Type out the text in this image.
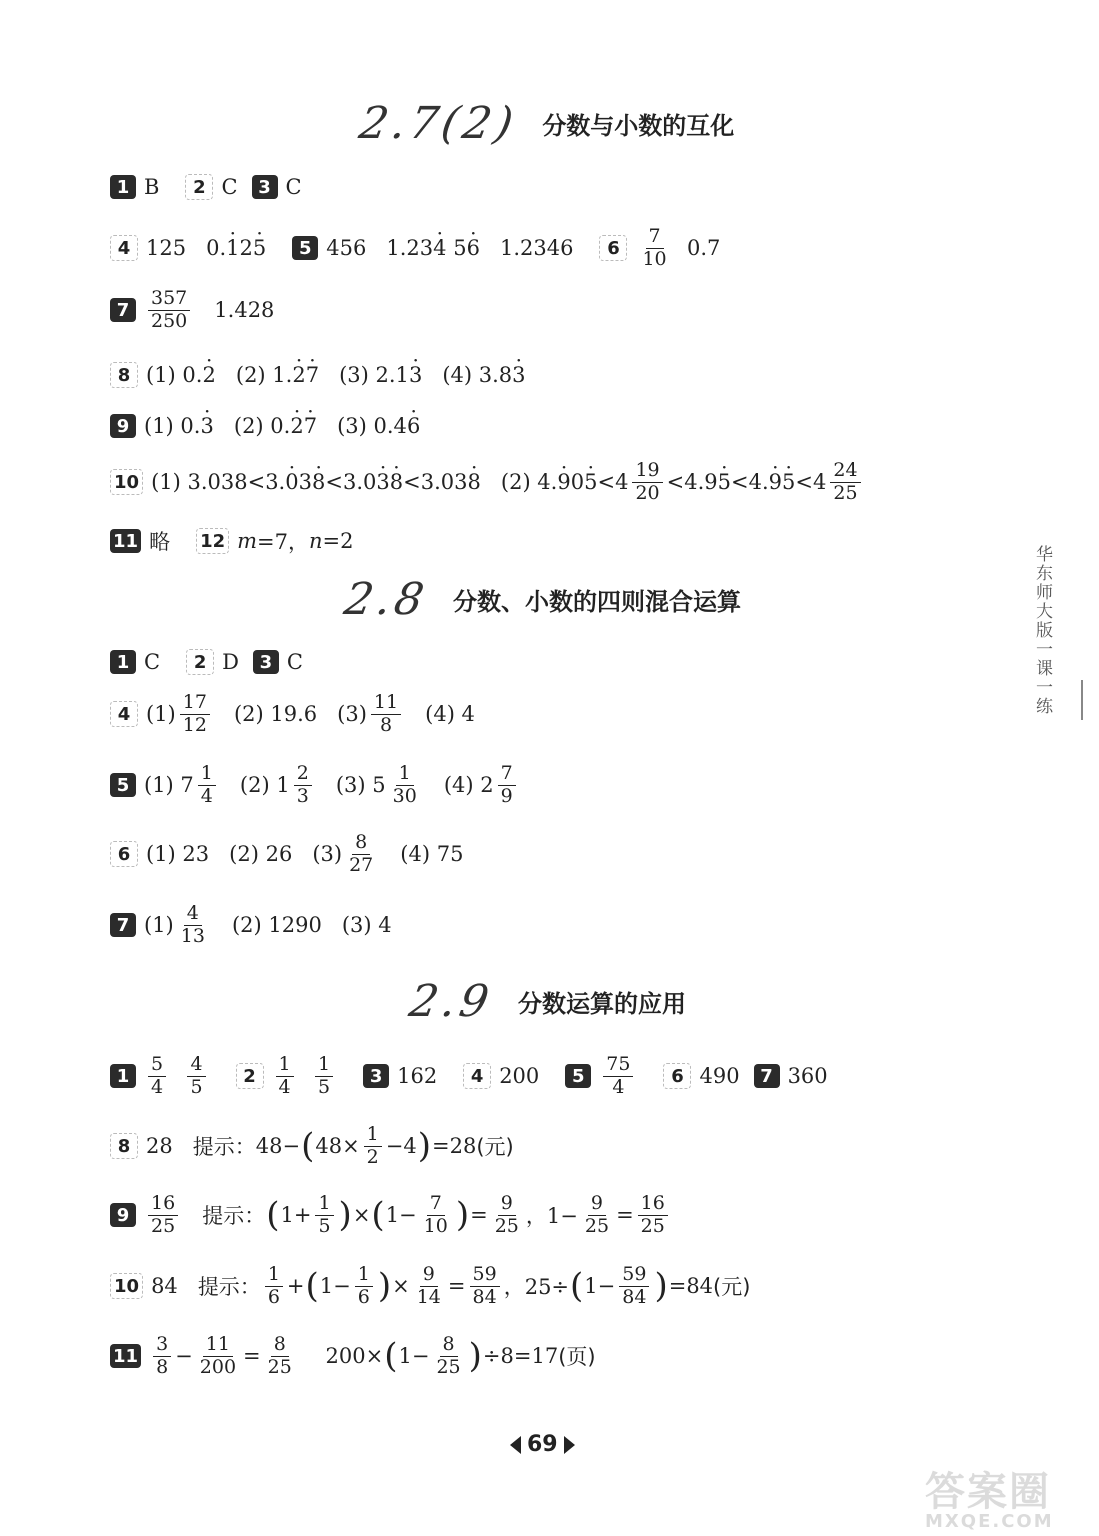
2.7(2) 分数与小数的互化
1 B	2 C	3 C
4 125   0. · 1 2 · 5	5 456   1.23 · 4 5 · 6 1.2346	6
7
10 0.7
7
357
250 1.428
8 (1) 0. · 2 (2) 1. · 2 · 7 (3) 2.1 · 3 (4) 3.8 · 3
9 (1) 0. · 3 (2) 0. · 2 · 7 (3) 0.4 · 6
10 (1) 3.038<3. · 0 3 · 8 <3.0 · 3 · 8 <3.03 · 8 (2) 4. · 9 0 · 5 <4
19
20 <4.9 · 5 <4. · 9 · 5 <4
24
25
11 略 12 m =7， n =2
2.8 分数、小数的四则混合运算
1 C	2 D	3 C
4 (1)
17
12 (2) 19.6   (3)
11
8 (4) 4
5 (1) 7
1
4 (2) 1
2
3 (3) 5
1
30 (4) 2
7
9
6 (1) 23   (2) 26   (3)
8
27 (4) 75
7 (1)
4
13 (2) 1290   (3) 4
2.9 分数运算的应用
1
5
4

4
5	2
1
4

1
5	3 162	4 200	5
75
4	6 490	7 360
8 28 提示： 48− ( 48×
1
2 −4 ) =28 (元)
9
16
25
提示： ( 1+
1
5 ) × ( 1−
7
10 ) =
9
25 ，1−
9
25 =
16
25
10 84 提示：
1
6 + ( 1−
1
6 ) ×
9
14 =
59
84 ，25÷ ( 1−
59
84 ) =84 (元)
11
3
8 −
11
200 =
8
25 200× ( 1−
8
25 ) ÷8=17 (页)
华东师大版一课一练
69
答案圈
MXQE.COM
